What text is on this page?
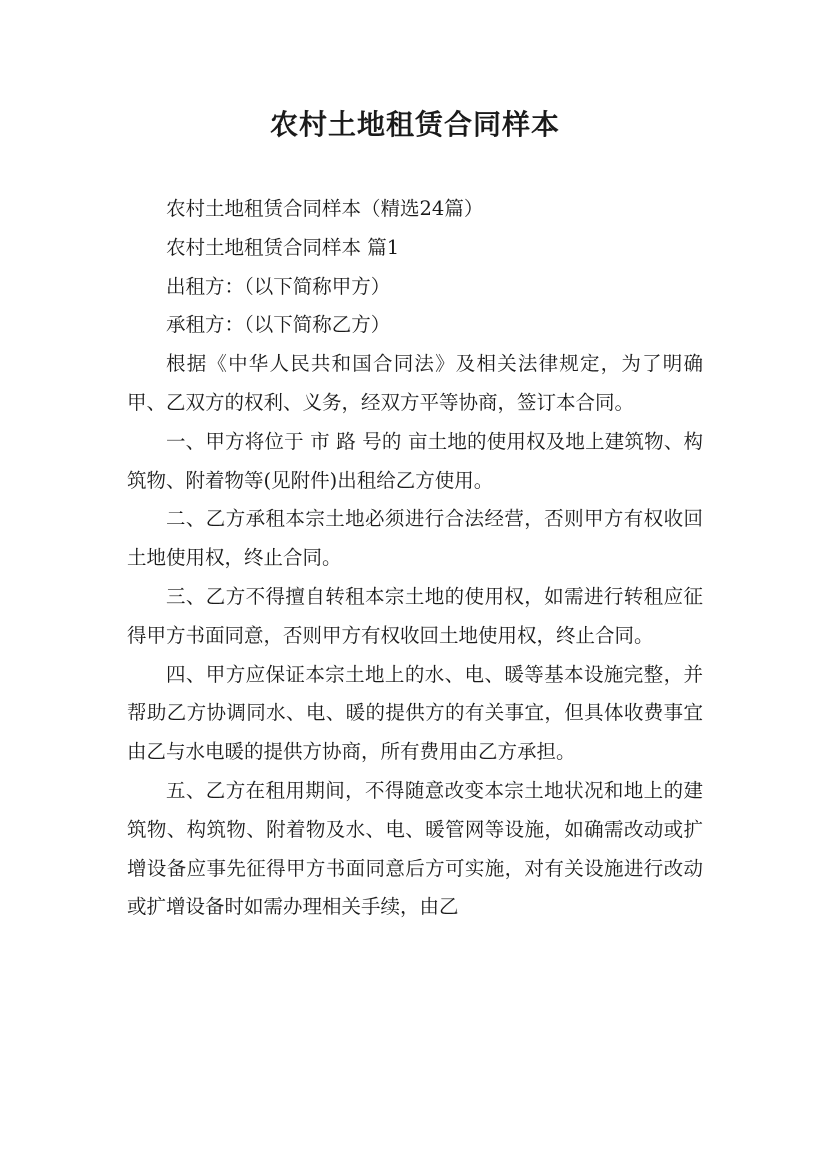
农村土地租赁合同样本

农村土地租赁合同样本（精选24篇）

农村土地租赁合同样本 篇1

出租方：（以下简称甲方）

承租方：（以下简称乙方）

根据《中华人民共和国合同法》及相关法律规定，为了明确甲、乙双方的权利、义务，经双方平等协商，签订本合同。

一、甲方将位于 市 路 号的 亩土地的使用权及地上建筑物、构筑物、附着物等(见附件)出租给乙方使用。

二、乙方承租本宗土地必须进行合法经营，否则甲方有权收回土地使用权，终止合同。

三、乙方不得擅自转租本宗土地的使用权，如需进行转租应征得甲方书面同意，否则甲方有权收回土地使用权，终止合同。

四、甲方应保证本宗土地上的水、电、暖等基本设施完整，并帮助乙方协调同水、电、暖的提供方的有关事宜，但具体收费事宜由乙与水电暖的提供方协商，所有费用由乙方承担。

五、乙方在租用期间，不得随意改变本宗土地状况和地上的建筑物、构筑物、附着物及水、电、暖管网等设施，如确需改动或扩增设备应事先征得甲方书面同意后方可实施，对有关设施进行改动或扩增设备时如需办理相关手续，由乙
